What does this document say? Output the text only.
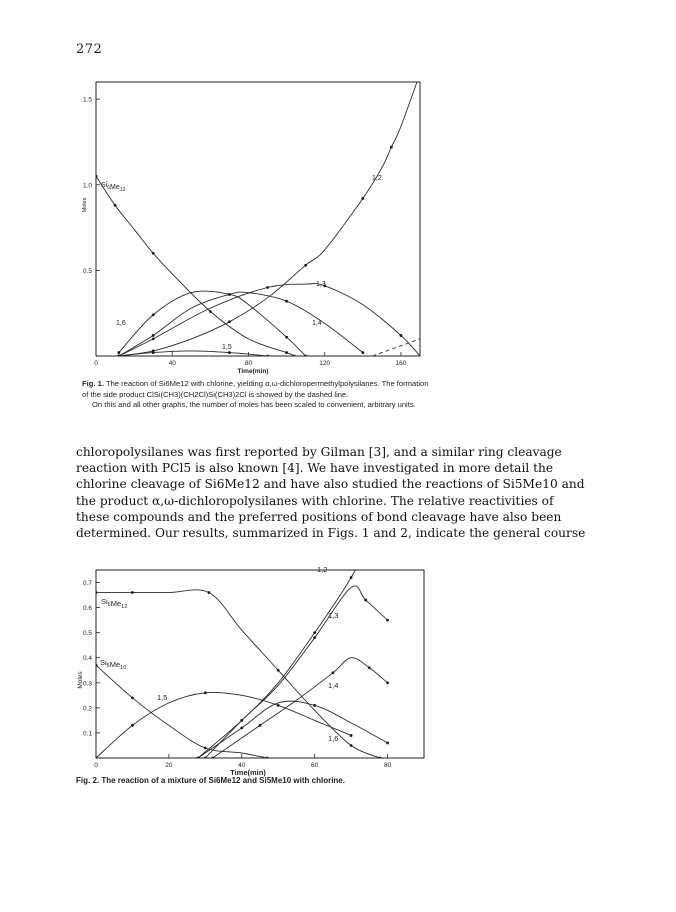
272
0	40	80	120	160
0.5
1.0
1.5
Time(min)
Moles
$Si_6Me_{12}$
1,2
1,3
1,4
1,6
1,5
Fig. 1. The reaction of Si6Me12 with chlorine, yielding α,ω-dichloropermethylpolysilanes. The formation
of the side product ClSi(CH3)(CH2Cl)Si(CH3)2Cl is showed by the dashed line.
On this and all other graphs, the number of moles has been scaled to convenient, arbitrary units.
chloropolysilanes was first reported by Gilman [3], and a similar ring cleavage
reaction with PCl5 is also known [4]. We have investigated in more detail the
chlorine cleavage of Si6Me12 and have also studied the reactions of Si5Me10 and
the product α,ω-dichloropolysilanes with chlorine. The relative reactivities of
these compounds and the preferred positions of bond cleavage have also been
determined. Our results, summarized in Figs. 1 and 2, indicate the general course
0	20	40	60	80
0.1
0.2
0.3
0.4
0.5
0.6
0.7
Time(min)
Moles
$Si_6Me_{12}$
$Si_5Me_{10}$
1,5
1,2
1,3
1,4
1,6
Fig. 2. The reaction of a mixture of Si6Me12 and Si5Me10 with chlorine.
